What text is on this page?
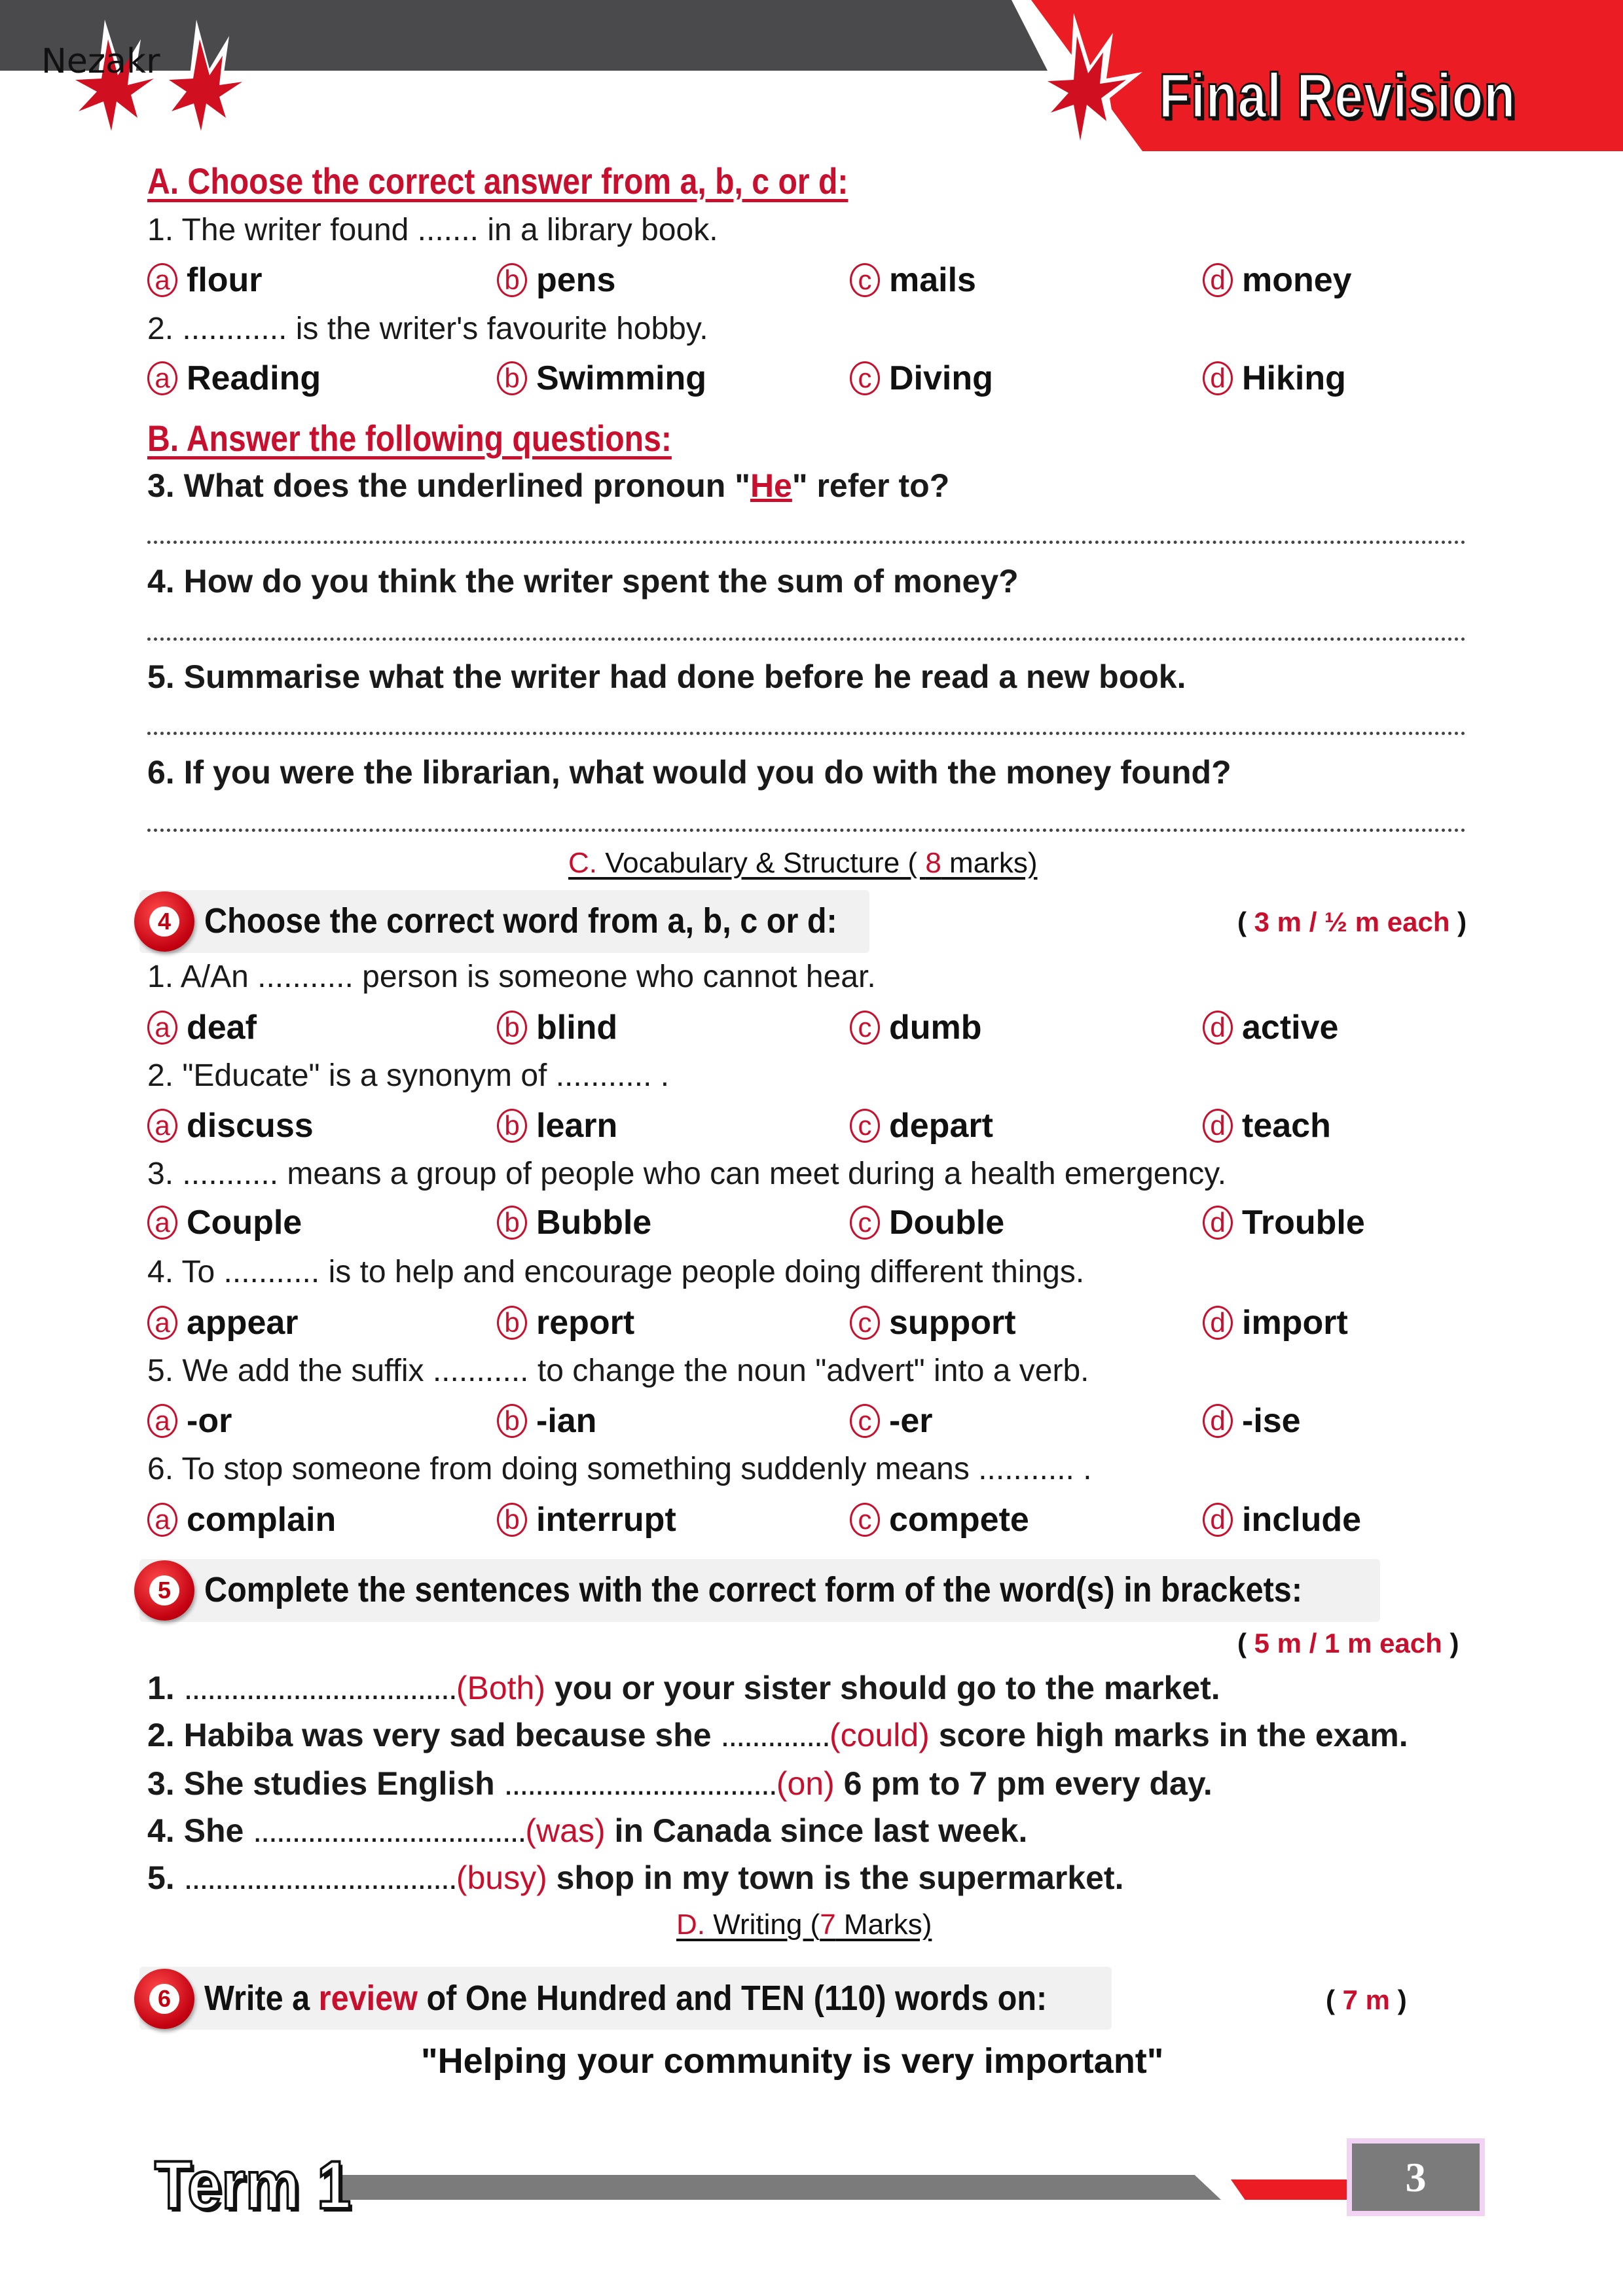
Nezakr	Final Revision
A. Choose the correct answer from a, b, c or d:
1. The writer found ....... in a library book.
a flour	b pens	c mails	d money
2. ............ is the writer's favourite hobby.
a Reading	b Swimming	c Diving	d Hiking
B. Answer the following questions:
3. What does the underlined pronoun "He" refer to?
4. How do you think the writer spent the sum of money?
5. Summarise what the writer had done before he read a new book.
6. If you were the librarian, what would you do with the money found?
C. Vocabulary & Structure ( 8 marks)
4 Choose the correct word from a, b, c or d:	( 3 m / ½ m each )
1. A/An ........... person is someone who cannot hear.
a deaf	b blind	c dumb	d active
2. "Educate" is a synonym of ........... .
a discuss	b learn	c depart	d teach
3. ........... means a group of people who can meet during a health emergency.
a Couple	b Bubble	c Double	d Trouble
4. To ........... is to help and encourage people doing different things.
a appear	b report	c support	d import
5. We add the suffix ........... to change the noun "advert" into a verb.
a -or	b -ian	c -er	d -ise
6. To stop someone from doing something suddenly means ........... .
a complain	b interrupt	c compete	d include
5 Complete the sentences with the correct form of the word(s) in brackets:
( 5 m / 1 m each )
1. ...................................(Both) you or your sister should go to the market.
2. Habiba was very sad because she ..............(could) score high marks in the exam.
3. She studies English ...................................(on) 6 pm to 7 pm every day.
4. She ...................................(was) in Canada since last week.
5. ...................................(busy) shop in my town is the supermarket.
D. Writing (7 Marks)
6 Write a review of One Hundred and TEN (110) words on:	( 7 m )
"Helping your community is very important"
Term 1	3
